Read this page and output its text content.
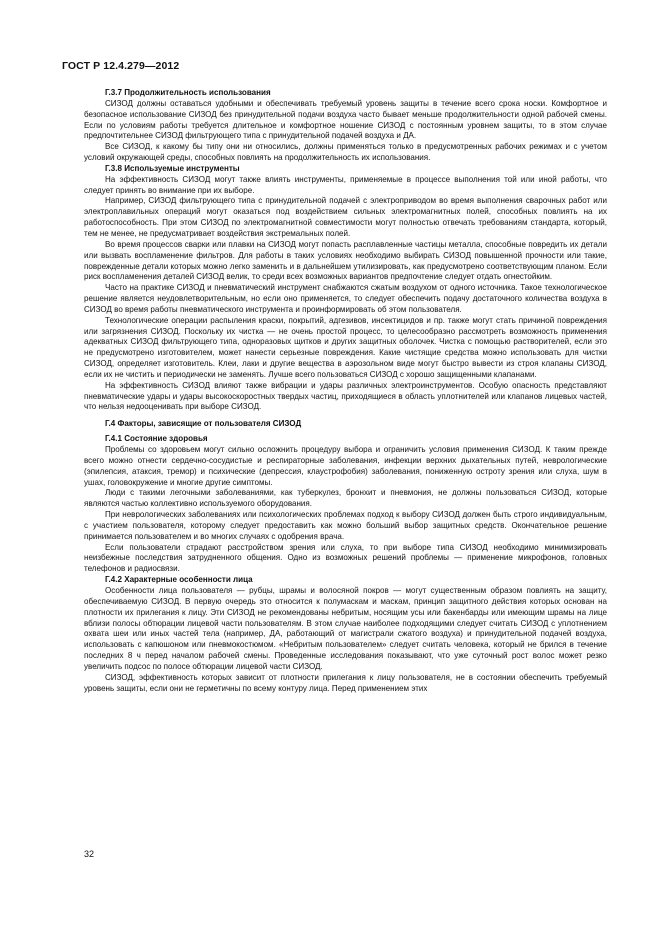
ГОСТ Р 12.4.279—2012
Г.3.7 Продолжительность использования

СИЗОД должны оставаться удобными и обеспечивать требуемый уровень защиты в течение всего срока носки. Комфортное и безопасное использование СИЗОД без принудительной подачи воздуха часто бывает меньше продолжительности одной рабочей смены. Если по условиям работы требуется длительное и комфортное ношение СИЗОД с постоянным уровнем защиты, то в этом случае предпочтительнее СИЗОД фильтрующего типа с принудительной подачей воздуха и ДА.

Все СИЗОД, к какому бы типу они ни относились, должны применяться только в предусмотренных рабочих режимах и с учетом условий окружающей среды, способных повлиять на продолжительность их использования.

Г.3.8 Используемые инструменты

На эффективность СИЗОД могут также влиять инструменты, применяемые в процессе выполнения той или иной работы, что следует принять во внимание при их выборе.

Например, СИЗОД фильтрующего типа с принудительной подачей с электроприводом во время выполнения сварочных работ или электроплавильных операций могут оказаться под воздействием сильных электромагнитных полей, способных повлиять на их работоспособность. При этом СИЗОД по электромагнитной совместимости могут полностью отвечать требованиям стандарта, который, тем не менее, не предусматривает воздействия экстремальных полей.

Во время процессов сварки или плавки на СИЗОД могут попасть расплавленные частицы металла, способные повредить их детали или вызвать воспламенение фильтров. Для работы в таких условиях необходимо выбирать СИЗОД повышенной прочности или такие, поврежденные детали которых можно легко заменить и в дальнейшем утилизировать, как предусмотрено соответствующим планом. Если риск воспламенения деталей СИЗОД велик, то среди всех возможных вариантов предпочтение следует отдать огнестойким.

Часто на практике СИЗОД и пневматический инструмент снабжаются сжатым воздухом от одного источника. Такое технологическое решение является неудовлетворительным, но если оно применяется, то следует обеспечить подачу достаточного количества воздуха в СИЗОД во время работы пневматического инструмента и проинформировать об этом пользователя.

Технологические операции распыления краски, покрытий, адгезивов, инсектицидов и пр. также могут стать причиной повреждения или загрязнения СИЗОД. Поскольку их чистка — не очень простой процесс, то целесообразно рассмотреть возможность применения адекватных СИЗОД фильтрующего типа, одноразовых щитков и других защитных оболочек. Чистка с помощью растворителей, если это не предусмотрено изготовителем, может нанести серьезные повреждения. Какие чистящие средства можно использовать для чистки СИЗОД, определяет изготовитель. Клеи, лаки и другие вещества в аэрозольном виде могут быстро вывести из строя клапаны СИЗОД, если их не чистить и периодически не заменять. Лучше всего пользоваться СИЗОД с хорошо защищенными клапанами.

На эффективность СИЗОД влияют также вибрации и удары различных электроинструментов. Особую опасность представляют пневматические удары и удары высокоскоростных твердых частиц, приходящиеся в область уплотнителей или клапанов лицевых частей, что нельзя недооценивать при выборе СИЗОД.

Г.4 Факторы, зависящие от пользователя СИЗОД
Г.4.1 Состояние здоровья

Проблемы со здоровьем могут сильно осложнить процедуру выбора и ограничить условия применения СИЗОД. К таким прежде всего можно отнести сердечно-сосудистые и респираторные заболевания, инфекции верхних дыхательных путей, неврологические (эпилепсия, атаксия, тремор) и психические (депрессия, клаустрофобия) заболевания, пониженную остроту зрения или слуха, шум в ушах, головокружение и многие другие симптомы.

Люди с такими легочными заболеваниями, как туберкулез, бронхит и пневмония, не должны пользоваться СИЗОД, которые являются частью коллективно используемого оборудования.

При неврологических заболеваниях или психологических проблемах подход к выбору СИЗОД должен быть строго индивидуальным, с участием пользователя, которому следует предоставить как можно больший выбор защитных средств. Окончательное решение принимается пользователем и во многих случаях с одобрения врача.

Если пользователи страдают расстройством зрения или слуха, то при выборе типа СИЗОД необходимо минимизировать неизбежные последствия затрудненного общения. Одно из возможных решений проблемы — применение микрофонов, головных телефонов и радиосвязи.

Г.4.2 Характерные особенности лица

Особенности лица пользователя — рубцы, шрамы и волосяной покров — могут существенным образом повлиять на защиту, обеспечиваемую СИЗОД. В первую очередь это относится к полумаскам и маскам, принцип защитного действия которых основан на плотности их прилегания к лицу. Эти СИЗОД не рекомендованы небритым, носящим усы или бакенбарды или имеющим шрамы на лице вблизи полосы обтюрации лицевой части пользователям. В этом случае наиболее подходящими следует считать СИЗОД с уплотнением охвата шеи или иных частей тела (например, ДА, работающий от магистрали сжатого воздуха) и принудительной подачей воздуха, использовать с капюшоном или пневмокостюмом. «Небритым пользователем» следует считать человека, который не брился в течение последних 8 ч перед началом рабочей смены. Проведенные исследования показывают, что уже суточный рост волос может резко увеличить подсос по полосе обтюрации лицевой части СИЗОД.

СИЗОД, эффективность которых зависит от плотности прилегания к лицу пользователя, не в состоянии обеспечить требуемый уровень защиты, если они не герметичны по всему контуру лица. Перед применением этих

32
